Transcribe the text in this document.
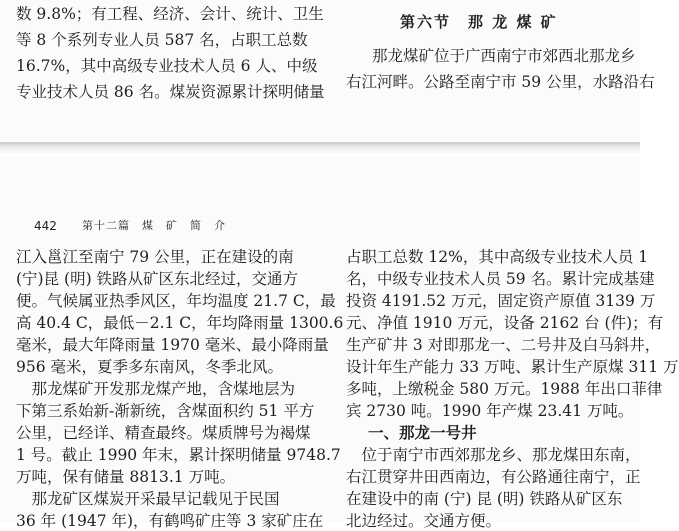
数 9.8%；有工程、经济、会计、统计、卫生
等 8 个系列专业人员 587 名，占职工总数
16.7%，其中高级专业技术人员 6 人、中级
专业技术人员 86 名。煤炭资源累计探明储量
第六节　那 龙 煤 矿
那龙煤矿位于广西南宁市郊西北那龙乡
右江河畔。公路至南宁市 59 公里，水路沿右
442 第十二篇　煤　矿　简　介
江入邕江至南宁 79 公里，正在建设的南
(宁)昆 (明) 铁路从矿区东北经过，交通方
便。气候属亚热季风区，年均温度 21.7 C，最
高 40.4 C，最低－2.1 C，年均降雨量 1300.6
毫米，最大年降雨量 1970 毫米、最小降雨量
956 毫米，夏季多东南风，冬季北风。
　那龙煤矿开发那龙煤产地，含煤地层为
下第三系始新-渐新统，含煤面积约 51 平方
公里，已经详、精查最终。煤质牌号为褐煤
1 号。截止 1990 年末，累计探明储量 9748.7
万吨，保有储量 8813.1 万吨。
　那龙矿区煤炭开采最早记载见于民国
36 年 (1947 年)，有鹤鸣矿庄等 3 家矿庄在
占职工总数 12%，其中高级专业技术人员 1
名，中级专业技术人员 59 名。累计完成基建
投资 4191.52 万元，固定资产原值 3139 万
元、净值 1910 万元，设备 2162 台 (件)；有
生产矿井 3 对即那龙一、二号井及白马斜井，
设计年生产能力 33 万吨、累计生产原煤 311 万
多吨，上缴税金 580 万元。1988 年出口菲律
宾 2730 吨。1990 年产煤 23.41 万吨。
一、那龙一号井
　位于南宁市西郊那龙乡、那龙煤田东南，
右江贯穿井田西南边，有公路通往南宁，正
在建设中的南 (宁) 昆 (明) 铁路从矿区东
北边经过。交通方便。
